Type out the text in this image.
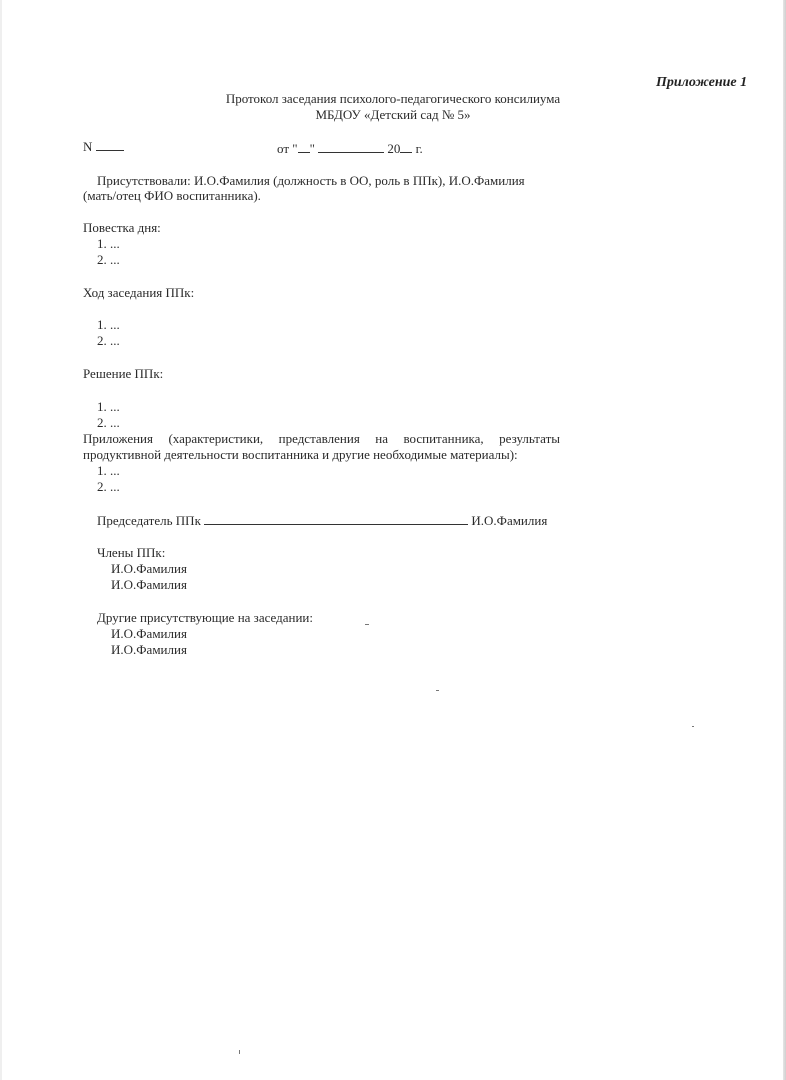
Приложение 1
Протокол заседания психолого-педагогического консилиума
МБДОУ «Детский сад № 5»
N	от " "	20 г.
Присутствовали: И.О.Фамилия (должность в ОО, роль в ППк), И.О.Фамилия
(мать/отец ФИО воспитанника).
Повестка дня:
1. ...
2. ...
Ход заседания ППк:
1. ...
2. ...
Решение ППк:
1. ...
2. ...
Приложения (характеристики, представления на воспитанника, результаты продуктивной деятельности воспитанника и другие необходимые материалы):
1. ...
2. ...
Председатель ППк	И.О.Фамилия
Члены ППк:
И.О.Фамилия
И.О.Фамилия
Другие присутствующие на заседании:
И.О.Фамилия
И.О.Фамилия
